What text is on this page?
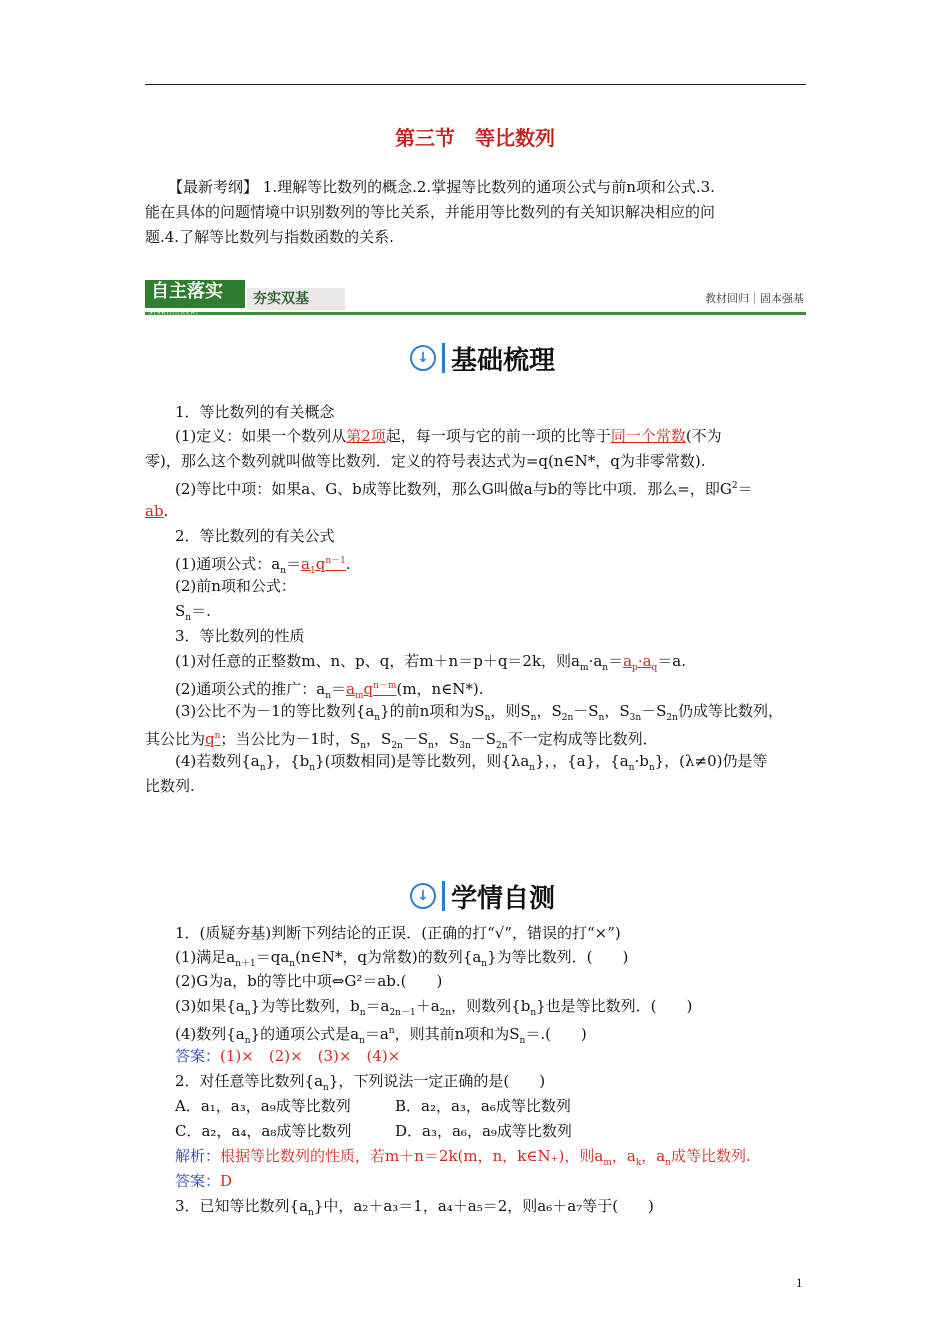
第三节　等比数列
【最新考纲】 1.理解等比数列的概念.2.掌握等比数列的通项公式与前n项和公式.3.
能在具体的问题情境中识别数列的等比关系，并能用等比数列的有关知识解决相应的问
题.4.了解等比数列与指数函数的关系.
自主落实
zizhuluoshi
夯实双基	教材回归｜固本强基
↓ 基础梳理
1．等比数列的有关概念
(1)定义：如果一个数列从第2项起，每一项与它的前一项的比等于同一个常数(不为
零)，那么这个数列就叫做等比数列．定义的符号表达式为=q(n∈N*，q为非零常数).
(2)等比中项：如果a、G、b成等比数列，那么G叫做a与b的等比中项．那么=，即$G^2=$
ab.
2．等比数列的有关公式
(1)通项公式：$a_n=a_1q^{n-1}$.
(2)前n项和公式：
$S_n=$.
3．等比数列的性质
(1)对任意的正整数m、n、p、q，若m＋n＝p＋q＝2k，则$a_m\cdot a_n=a_p\cdot a_q=a$.
(2)通项公式的推广：$a_n=a_mq^{n-m}(m$，n∈N*).
(3)公比不为－1的等比数列$\{a_n\}$的前n项和为$S_n$，则$S_n$，$S_{2n}-S_n$，$S_{3n}-S_{2n}$仍成等比数列，
其公比为$q^n$；当公比为－1时，$S_n$，$S_{2n}-S_n$，$S_{3n}-S_{2n}$不一定构成等比数列．
(4)若数列$\{a_n\}$，$\{b_n\}$(项数相同)是等比数列，则$\{\lambda a_n\}$，，{a}，$\{a_n\cdot b_n\}$，(λ≠0)仍是等
比数列.
↓ 学情自测
1．(质疑夯基)判断下列结论的正误．(正确的打“√”，错误的打“×”)
(1)满足$a_{n+1}=qa_n(n\in N*$，q为常数)的数列$\{a_n\}$为等比数列．(　　)
(2)G为a，b的等比中项⇔G²＝ab.(　　)
(3)如果$\{a_n\}$为等比数列，$b_n=a_{2n-1}+a_{2n}$，则数列$\{b_n\}$也是等比数列．(　　)
(4)数列$\{a_n\}$的通项公式是$a_n=a^n$，则其前n项和为$S_n=$.(　　)
答案：(1)×　(2)×　(3)×　(4)×
2．对任意等比数列$\{a_n\}$，下列说法一定正确的是(　　)
A．a₁，a₃，a₉成等比数列	B．a₂，a₃，a₆成等比数列
C．a₂，a₄，a₈成等比数列	D．a₃，a₆，a₉成等比数列
解析：根据等比数列的性质，若m＋n＝2k(m，n，k∈N₊)，则$a_m$，$a_k$，$a_n$成等比数列.
答案：D
3．已知等比数列$\{a_n\}$中，a₂＋a₃＝1，a₄＋a₅＝2，则a₆＋a₇等于(　　)
1
